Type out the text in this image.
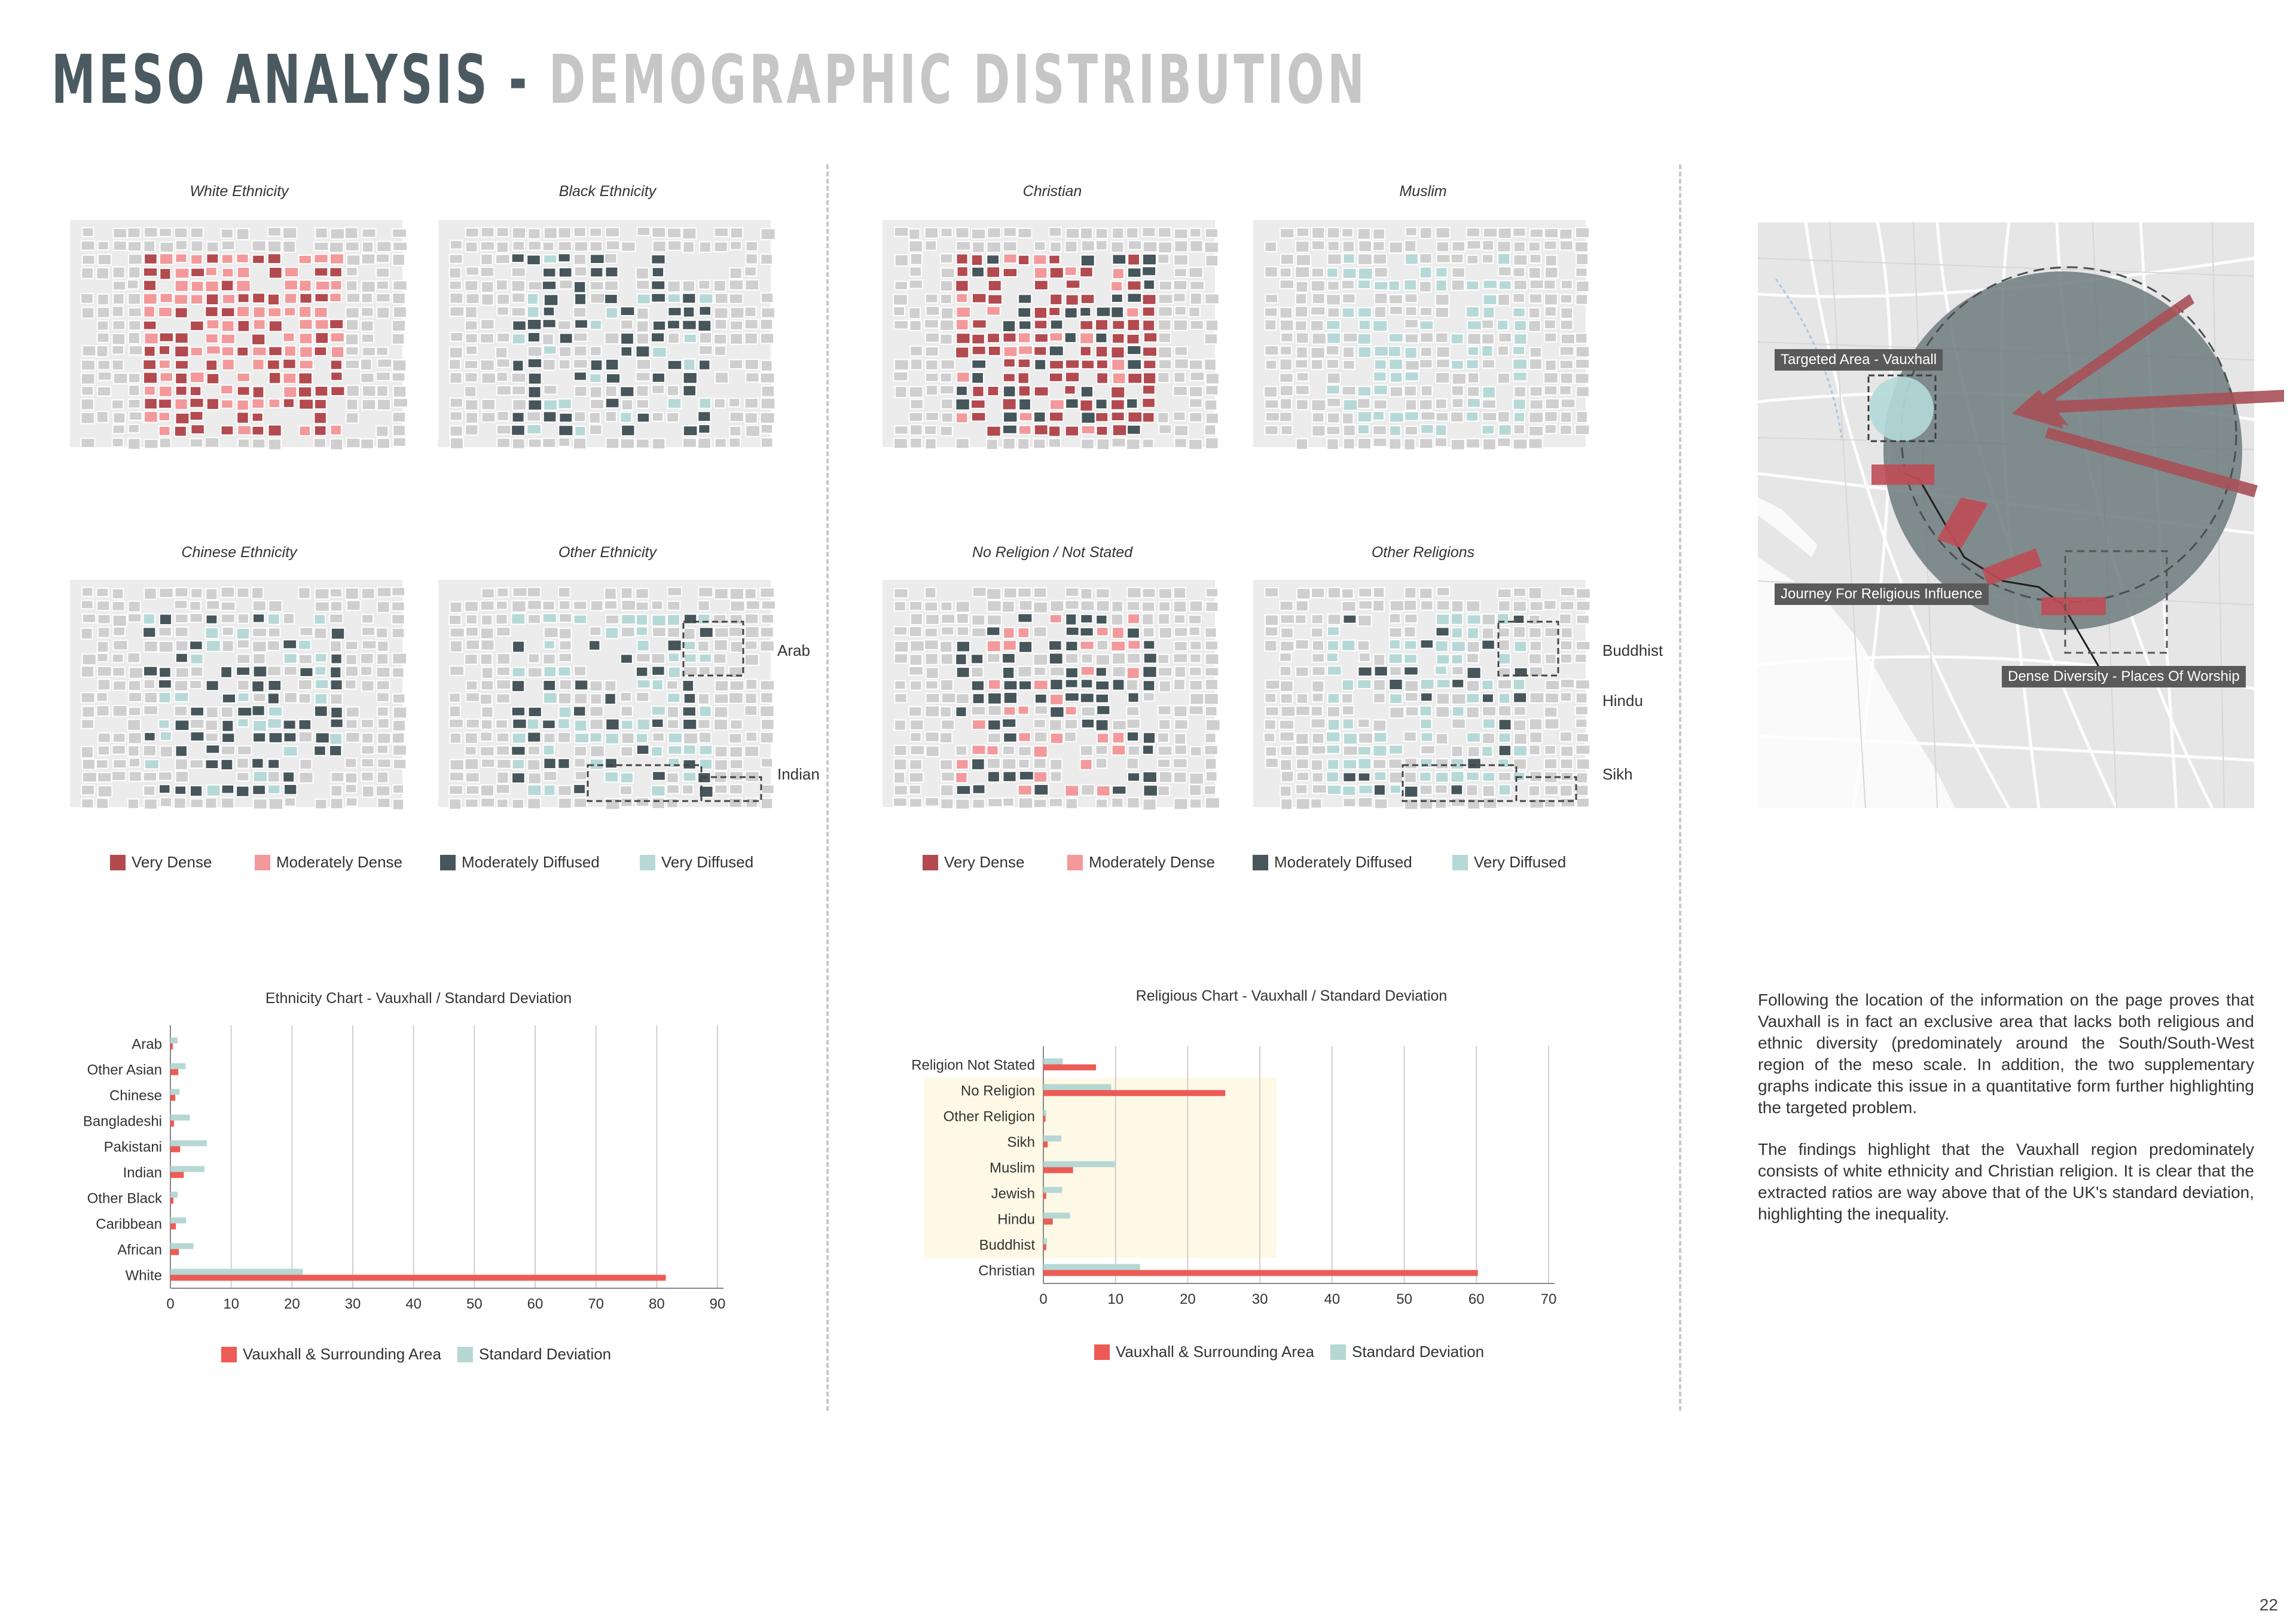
MESO ANALYSIS - DEMOGRAPHIC DISTRIBUTION
White Ethnicity	Black Ethnicity
Chinese Ethnicity	Other Ethnicity
Arab
Indian
Christian	Muslim
No Religion / Not Stated	Other Religions
Buddhist
Hindu
Sikh
Very Dense	Moderately Dense	Moderately Diffused	Very Diffused	Very Dense	Moderately Dense	Moderately Diffused	Very Diffused
Targeted Area - Vauxhall
Journey For Religious Influence
Dense Diversity - Places Of Worship
Ethnicity Chart - Vauxhall / Standard Deviation
0	10	20	30	40	50	60	70	80	90
Arab
Other Asian
Chinese
Bangladeshi
Pakistani
Indian
Other Black
Caribbean
African
White
Vauxhall & Surrounding Area Standard Deviation
Religious Chart - Vauxhall / Standard Deviation
0	10	20	30	40	50	60	70
Religion Not Stated
No Religion
Other Religion
Sikh
Muslim
Jewish
Hindu
Buddhist
Christian
Vauxhall & Surrounding Area Standard Deviation

Following the location of the information on the page proves that Vauxhall is in fact an exclusive area that lacks both religious and ethnic diversity (predominately around the South/South-West region of the meso scale. In addition, the two supplementary graphs indicate this issue in a quantitative form further highlighting the targeted problem.

The findings highlight that the Vauxhall region predominately consists of white ethnicity and Christian religion. It is clear that the extracted ratios are way above that of the UK's standard deviation, highlighting the inequality.

22
